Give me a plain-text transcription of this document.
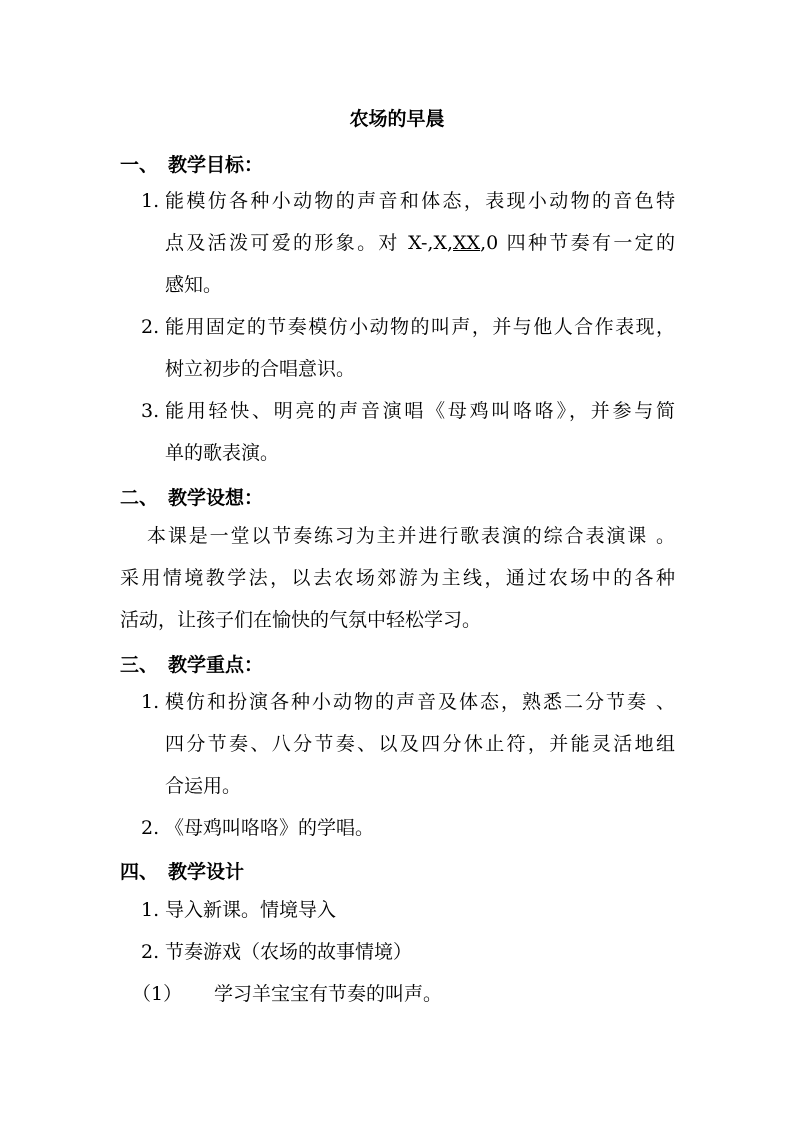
农场的早晨
一、 教学目标：
1. 能模仿各种小动物的声音和体态，表现小动物的音色特
点及活泼可爱的形象。对 X-,X,XX,0 四种节奏有一定的
感知。
2. 能用固定的节奏模仿小动物的叫声，并与他人合作表现，
树立初步的合唱意识。
3. 能用轻快、明亮的声音演唱《母鸡叫咯咯》，并参与简
单的歌表演。
二、 教学设想：
本课是一堂以节奏练习为主并进行歌表演的综合表演课 。
采用情境教学法，以去农场郊游为主线，通过农场中的各种
活动，让孩子们在愉快的气氛中轻松学习。
三、 教学重点：
1. 模仿和扮演各种小动物的声音及体态，熟悉二分节奏 、
四分节奏、八分节奏、以及四分休止符，并能灵活地组
合运用。
2. 《母鸡叫咯咯》的学唱。
四、 教学设计
1. 导入新课。情境导入
2. 节奏游戏（农场的故事情境）
（1） 学习羊宝宝有节奏的叫声。
